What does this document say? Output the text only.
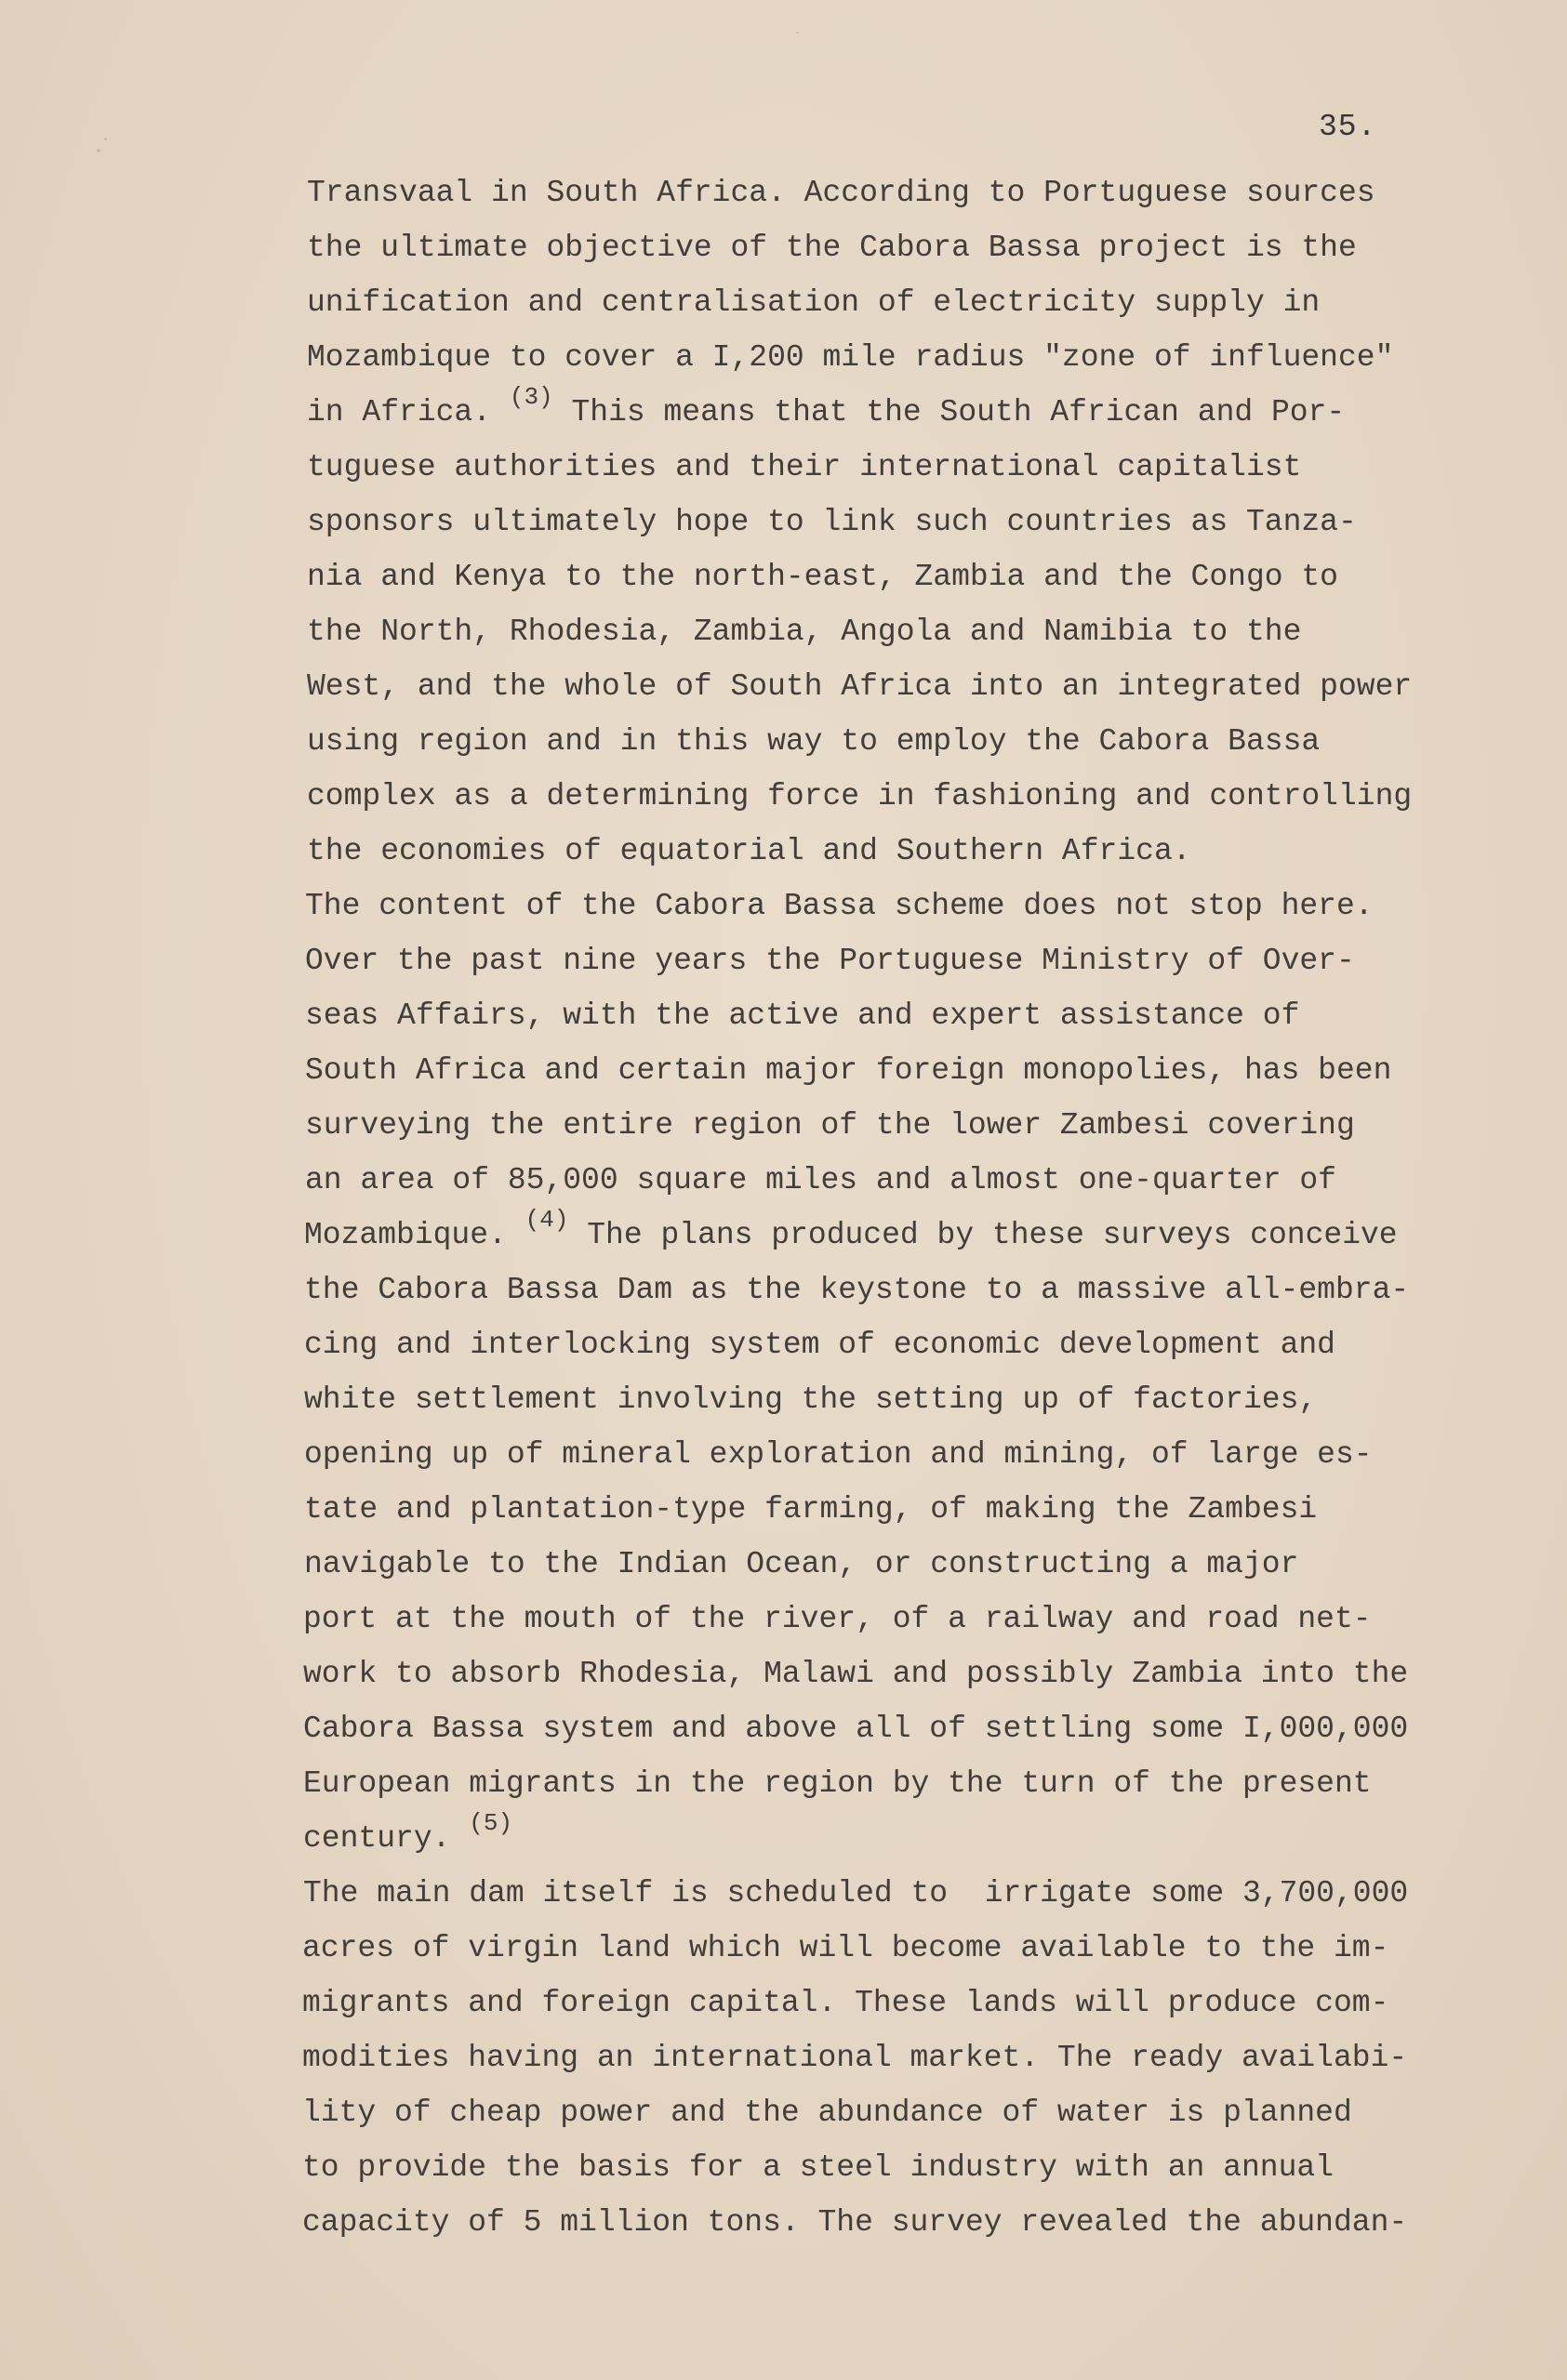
35.
Transvaal in South Africa. According to Portuguese sources
the ultimate objective of the Cabora Bassa project is the
unification and centralisation of electricity supply in
Mozambique to cover a I,200 mile radius "zone of influence"
in Africa. $^{(3)}$ This means that the South African and Por-
tuguese authorities and their international capitalist
sponsors ultimately hope to link such countries as Tanza-
nia and Kenya to the north-east, Zambia and the Congo to
the North, Rhodesia, Zambia, Angola and Namibia to the
West, and the whole of South Africa into an integrated power
using region and in this way to employ the Cabora Bassa
complex as a determining force in fashioning and controlling
the economies of equatorial and Southern Africa.
The content of the Cabora Bassa scheme does not stop here.
Over the past nine years the Portuguese Ministry of Over-
seas Affairs, with the active and expert assistance of
South Africa and certain major foreign monopolies, has been
surveying the entire region of the lower Zambesi covering
an area of 85,000 square miles and almost one-quarter of
Mozambique. $^{(4)}$ The plans produced by these surveys conceive
the Cabora Bassa Dam as the keystone to a massive all-embra-
cing and interlocking system of economic development and
white settlement involving the setting up of factories,
opening up of mineral exploration and mining, of large es-
tate and plantation-type farming, of making the Zambesi
navigable to the Indian Ocean, or constructing a major
port at the mouth of the river, of a railway and road net-
work to absorb Rhodesia, Malawi and possibly Zambia into the
Cabora Bassa system and above all of settling some I,000,000
European migrants in the region by the turn of the present
century. $^{(5)}$
The main dam itself is scheduled to  irrigate some 3,700,000
acres of virgin land which will become available to the im-
migrants and foreign capital. These lands will produce com-
modities having an international market. The ready availabi-
lity of cheap power and the abundance of water is planned
to provide the basis for a steel industry with an annual
capacity of 5 million tons. The survey revealed the abundan-
